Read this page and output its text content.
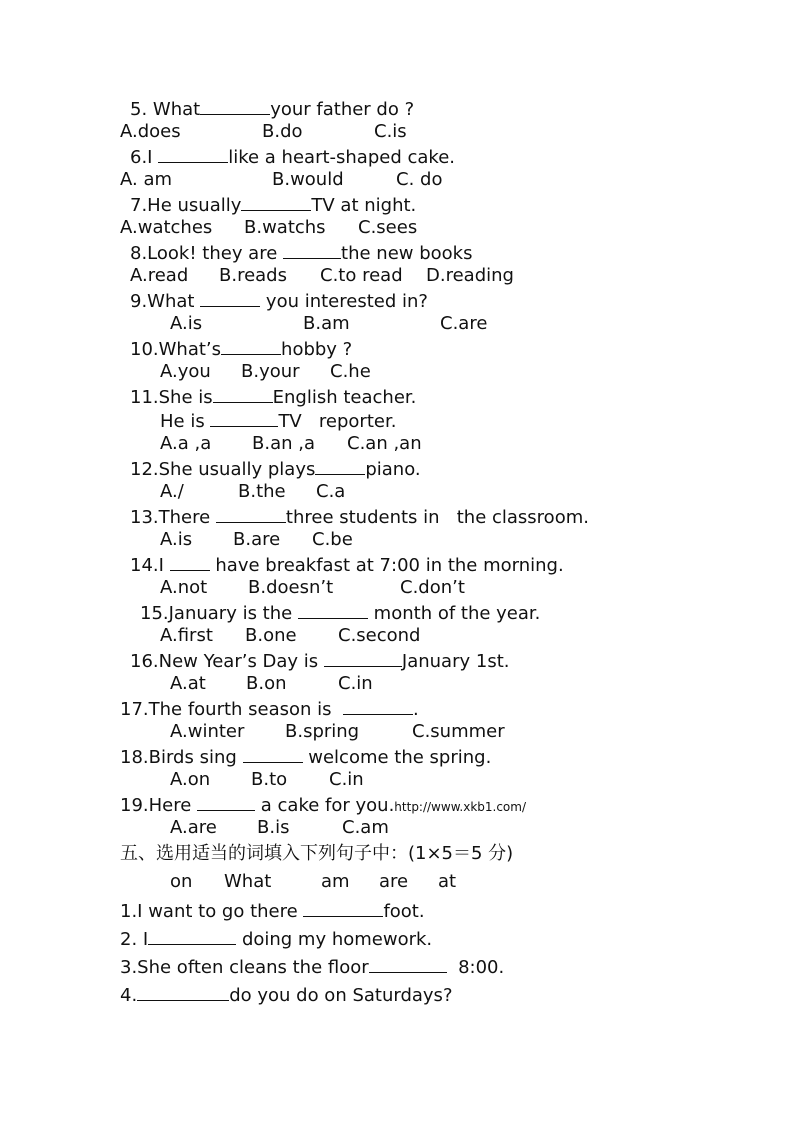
5. What	your father do ?
A.does	B.do	C.is
6.I	like a heart-shaped cake.
A. am	B.would	C. do
7.He usually	TV at night.
A.watches B.watchs C.sees
8.Look! they are	the new books
A.read B.reads C.to read D.reading
9.What	you interested in?
A.is	B.am	C.are
10.What’s	hobby ?
A.you B.your C.he
11.She is	English teacher.
He is	TV   reporter.
A.a ,a B.an ,a C.an ,an
12.She usually plays	piano.
A./	B.the C.a
13.There	three students in   the classroom.
A.is B.are C.be
14.I  have breakfast at 7:00 in the morning.
A.not B.doesn’t	C.don’t
15.January is the	month of the year.
A.first B.one C.second
16.New Year’s Day is	January 1st.
A.at B.on	C.in
17.The fourth season is	.
A.winter B.spring	C.summer
18.Birds sing	welcome the spring.
A.on B.to C.in
19.Here	a cake for you.http://www.xkb1.com/
A.are B.is	C.am
五、选用适当的词填入下列句子中：(1×5＝5 分)
on What	am are at
1.I want to go there	foot.
2. I	doing my homework.
3.She often cleans the floor	8:00.
4.	do you do on Saturdays?
